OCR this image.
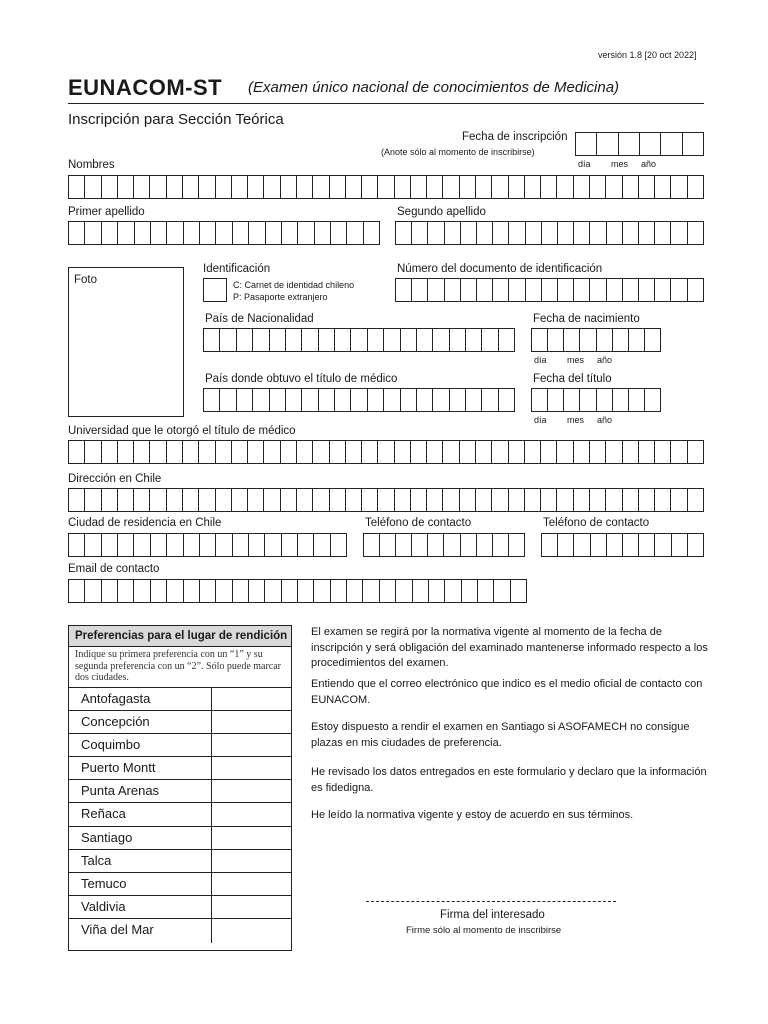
versión 1.8 [20 oct 2022]
EUNACOM-ST (Examen único nacional de conocimientos de Medicina)
Inscripción para Sección Teórica
Fecha de inscripción
(Anote sólo al momento de inscribirse)
día mes año
Nombres
Primer apellido	Segundo apellido
Foto
Identificación
C: Carnet de identidad chileno
P: Pasaporte extranjero
Número del documento de identificación
País de Nacionalidad	Fecha de nacimiento
día mes año
País donde obtuvo el título de médico	Fecha del título
día mes año
Universidad que le otorgó el título de médico
Dirección en Chile
Ciudad de residencia en Chile	Teléfono de contacto	Teléfono de contacto
Email de contacto
Preferencias para el lugar de rendición
Indique su primera preferencia con un “1” y su segunda preferencia con un “2”. Sólo puede marcar dos ciudades.
Antofagasta
Concepción
Coquimbo
Puerto Montt
Punta Arenas
Reñaca
Santiago
Talca
Temuco
Valdivia
Viña del Mar
El examen se regirá por la normativa vigente al momento de la fecha de inscripción y será obligación del examinado mantenerse informado respecto a los procedimientos del examen.
Entiendo que el correo electrónico que indico es el medio oficial de contacto con EUNACOM.
Estoy dispuesto a rendir el examen en Santiago si ASOFAMECH no consigue plazas en mis ciudades de preferencia.
He revisado los datos entregados en este formulario y declaro que la información es fidedigna.
He leído la normativa vigente y estoy de acuerdo en sus términos.
Firma del interesado
Firme sólo al momento de inscribirse
